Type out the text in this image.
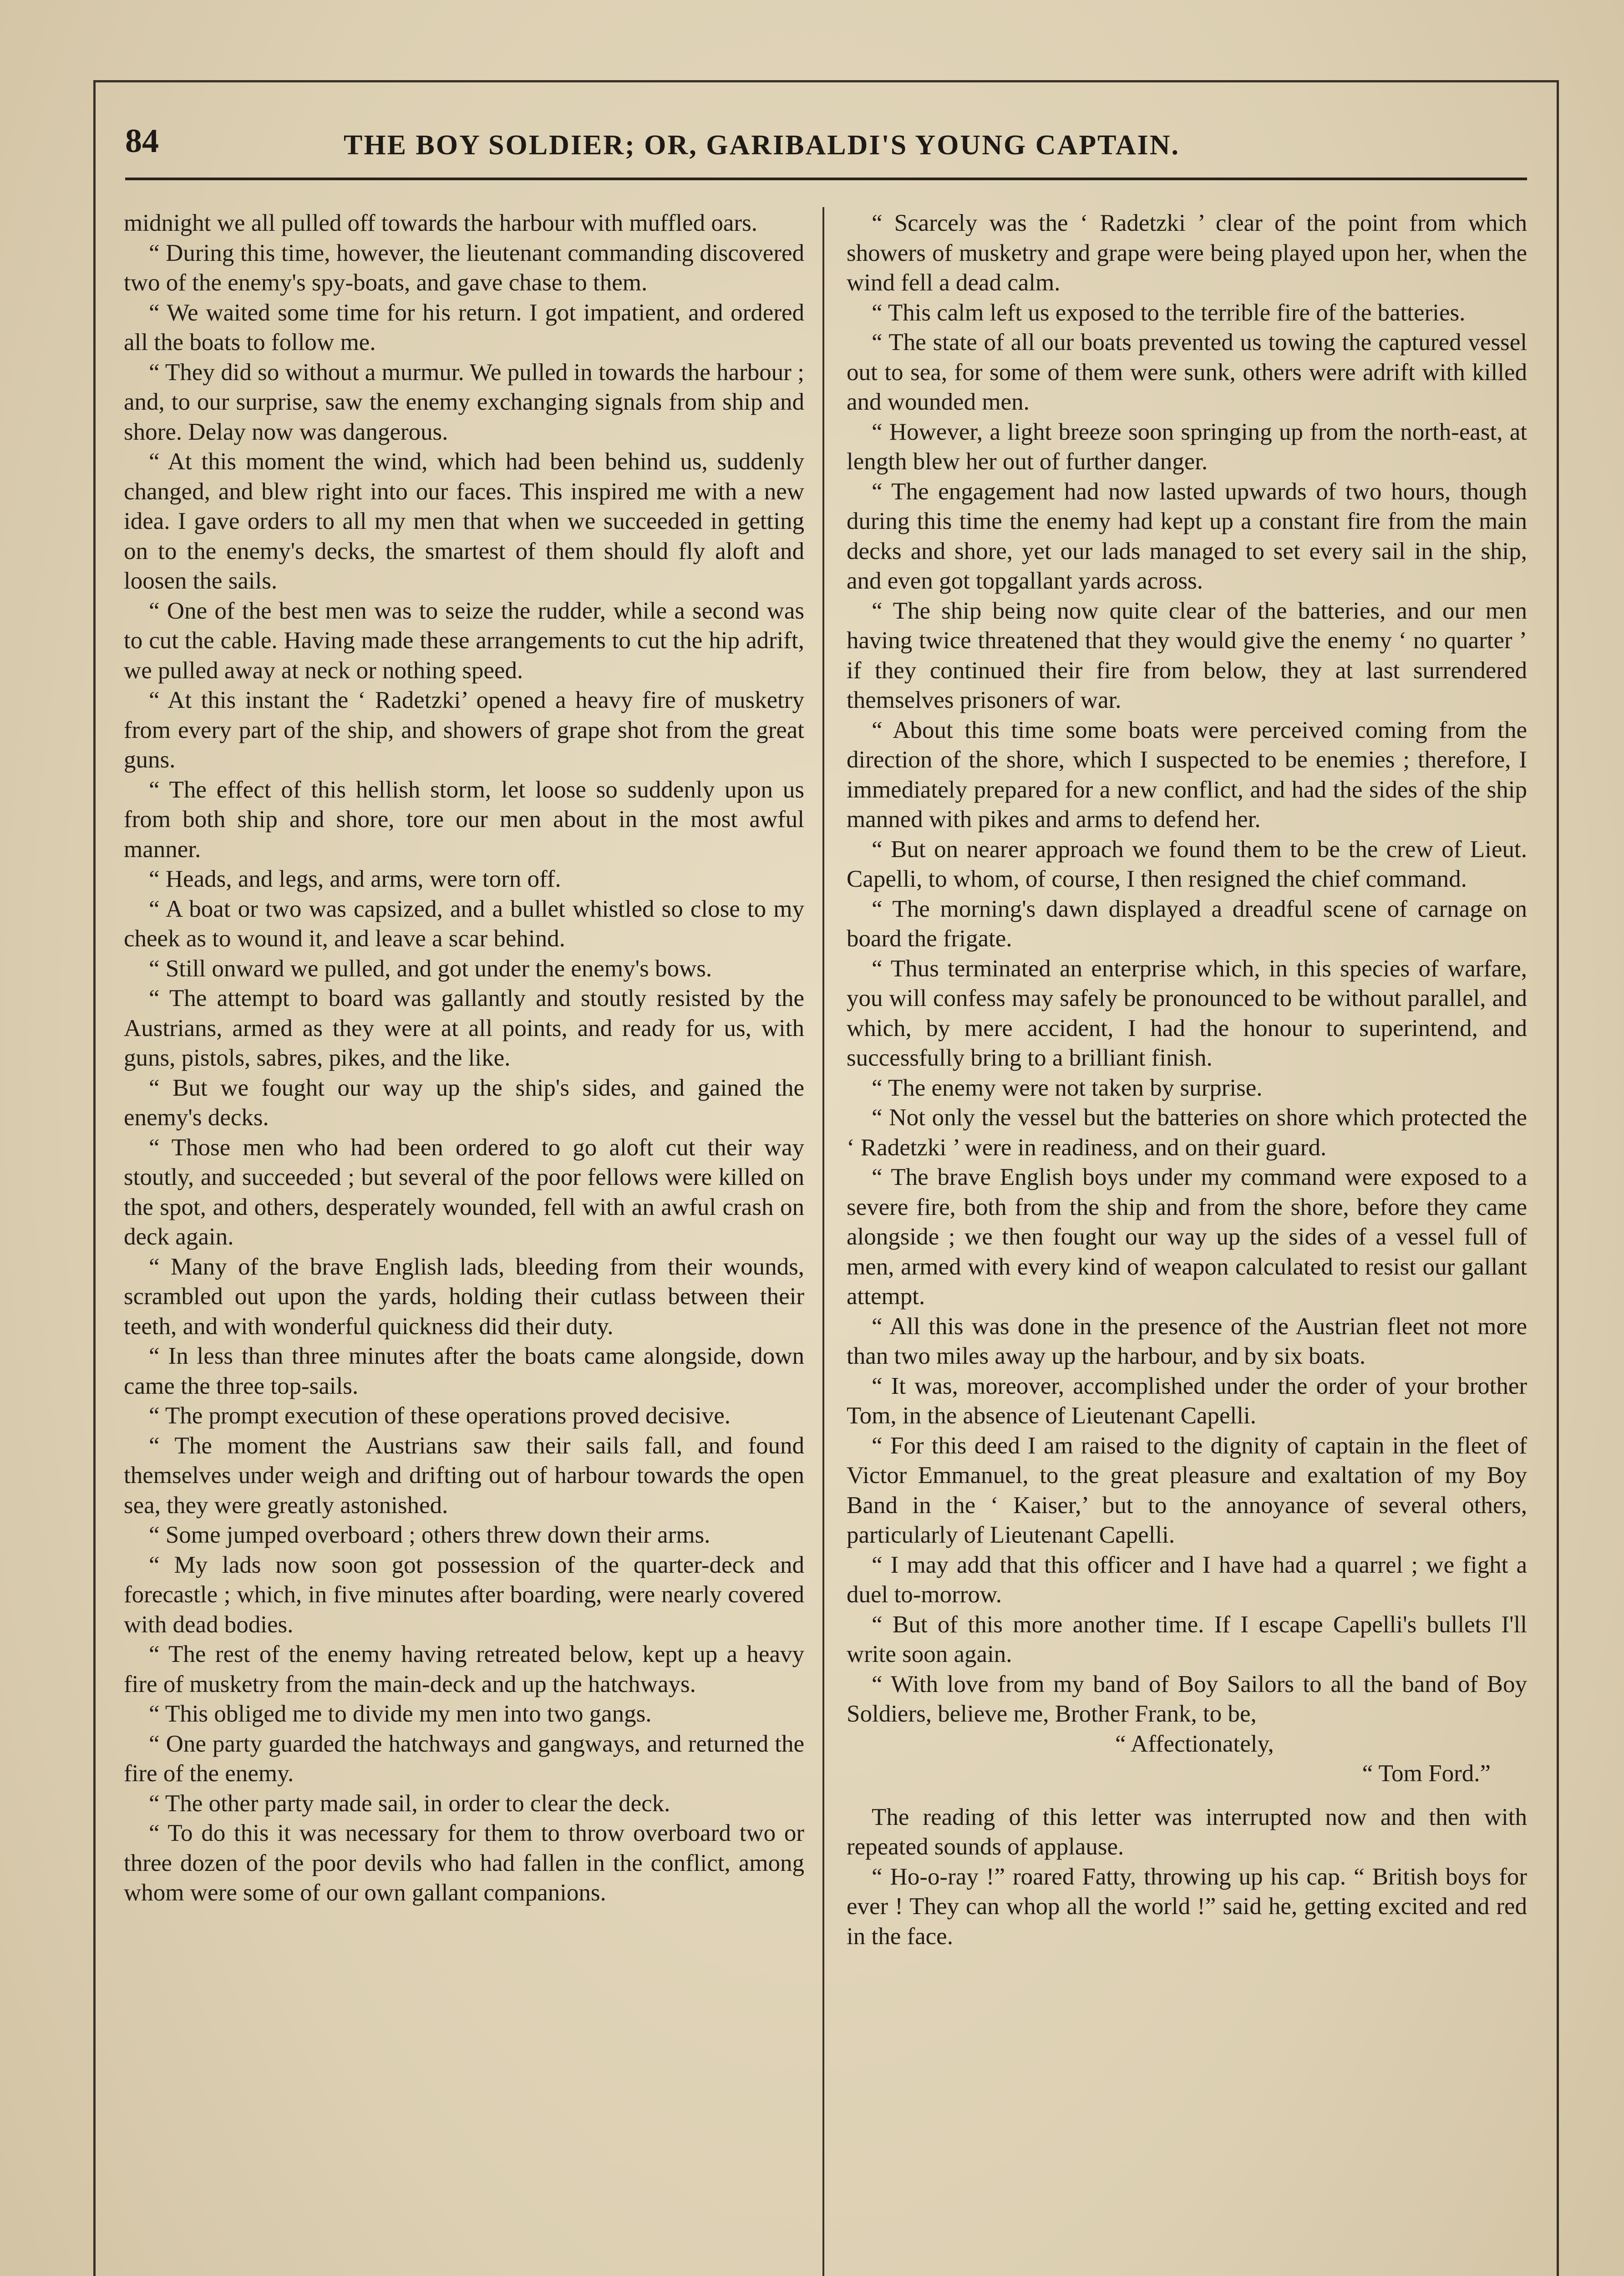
84	THE BOY SOLDIER; OR, GARIBALDI'S YOUNG CAPTAIN.

midnight we all pulled off towards the harbour with muffled oars.

“ During this time, however, the lieutenant commanding discovered two of the enemy's spy-boats, and gave chase to them.

“ We waited some time for his return. I got impatient, and ordered all the boats to follow me.

“ They did so without a murmur. We pulled in towards the harbour ; and, to our surprise, saw the enemy exchanging signals from ship and shore. Delay now was dangerous.

“ At this moment the wind, which had been behind us, suddenly changed, and blew right into our faces. This inspired me with a new idea. I gave orders to all my men that when we succeeded in getting on to the enemy's decks, the smartest of them should fly aloft and loosen the sails.

“ One of the best men was to seize the rudder, while a second was to cut the cable. Having made these arrangements to cut the hip adrift, we pulled away at neck or nothing speed.

“ At this instant the ‘ Radetzki’ opened a heavy fire of musketry from every part of the ship, and showers of grape shot from the great guns.

“ The effect of this hellish storm, let loose so suddenly upon us from both ship and shore, tore our men about in the most awful manner.

“ Heads, and legs, and arms, were torn off.

“ A boat or two was capsized, and a bullet whistled so close to my cheek as to wound it, and leave a scar behind.

“ Still onward we pulled, and got under the enemy's bows.

“ The attempt to board was gallantly and stoutly resisted by the Austrians, armed as they were at all points, and ready for us, with guns, pistols, sabres, pikes, and the like.

“ But we fought our way up the ship's sides, and gained the enemy's decks.

“ Those men who had been ordered to go aloft cut their way stoutly, and succeeded ; but several of the poor fellows were killed on the spot, and others, desperately wounded, fell with an awful crash on deck again.

“ Many of the brave English lads, bleeding from their wounds, scrambled out upon the yards, holding their cutlass between their teeth, and with wonderful quickness did their duty.

“ In less than three minutes after the boats came alongside, down came the three top-sails.

“ The prompt execution of these operations proved decisive.

“ The moment the Austrians saw their sails fall, and found themselves under weigh and drifting out of harbour towards the open sea, they were greatly astonished.

“ Some jumped overboard ; others threw down their arms.

“ My lads now soon got possession of the quarter-deck and forecastle ; which, in five minutes after boarding, were nearly covered with dead bodies.

“ The rest of the enemy having retreated below, kept up a heavy fire of musketry from the main-deck and up the hatchways.

“ This obliged me to divide my men into two gangs.

“ One party guarded the hatchways and gangways, and returned the fire of the enemy.

“ The other party made sail, in order to clear the deck.

“ To do this it was necessary for them to throw overboard two or three dozen of the poor devils who had fallen in the conflict, among whom were some of our own gallant companions.

“ Scarcely was the ‘ Radetzki ’ clear of the point from which showers of musketry and grape were being played upon her, when the wind fell a dead calm.

“ This calm left us exposed to the terrible fire of the batteries.

“ The state of all our boats prevented us towing the captured vessel out to sea, for some of them were sunk, others were adrift with killed and wounded men.

“ However, a light breeze soon springing up from the north-east, at length blew her out of further danger.

“ The engagement had now lasted upwards of two hours, though during this time the enemy had kept up a constant fire from the main decks and shore, yet our lads managed to set every sail in the ship, and even got topgallant yards across.

“ The ship being now quite clear of the batteries, and our men having twice threatened that they would give the enemy ‘ no quarter ’ if they continued their fire from below, they at last surrendered themselves prisoners of war.

“ About this time some boats were perceived coming from the direction of the shore, which I suspected to be enemies ; therefore, I immediately prepared for a new conflict, and had the sides of the ship manned with pikes and arms to defend her.

“ But on nearer approach we found them to be the crew of Lieut. Capelli, to whom, of course, I then resigned the chief command.

“ The morning's dawn displayed a dreadful scene of carnage on board the frigate.

“ Thus terminated an enterprise which, in this species of warfare, you will confess may safely be pronounced to be without parallel, and which, by mere accident, I had the honour to superintend, and successfully bring to a brilliant finish.

“ The enemy were not taken by surprise.

“ Not only the vessel but the batteries on shore which protected the ‘ Radetzki ’ were in readiness, and on their guard.

“ The brave English boys under my command were exposed to a severe fire, both from the ship and from the shore, before they came alongside ; we then fought our way up the sides of a vessel full of men, armed with every kind of weapon calculated to resist our gallant attempt.

“ All this was done in the presence of the Austrian fleet not more than two miles away up the harbour, and by six boats.

“ It was, moreover, accomplished under the order of your brother Tom, in the absence of Lieutenant Capelli.

“ For this deed I am raised to the dignity of captain in the fleet of Victor Emmanuel, to the great pleasure and exaltation of my Boy Band in the ‘ Kaiser,’ but to the annoyance of several others, particularly of Lieutenant Capelli.

“ I may add that this officer and I have had a quarrel ; we fight a duel to-morrow.

“ But of this more another time. If I escape Capelli's bullets I'll write soon again.

“ With love from my band of Boy Sailors to all the band of Boy Soldiers, believe me, Brother Frank, to be,

“ Affectionately,

“ Tom Ford.”

The reading of this letter was interrupted now and then with repeated sounds of applause.

“ Ho-o-ray !” roared Fatty, throwing up his cap. “ British boys for ever ! They can whop all the world !” said he, getting excited and red in the face.
